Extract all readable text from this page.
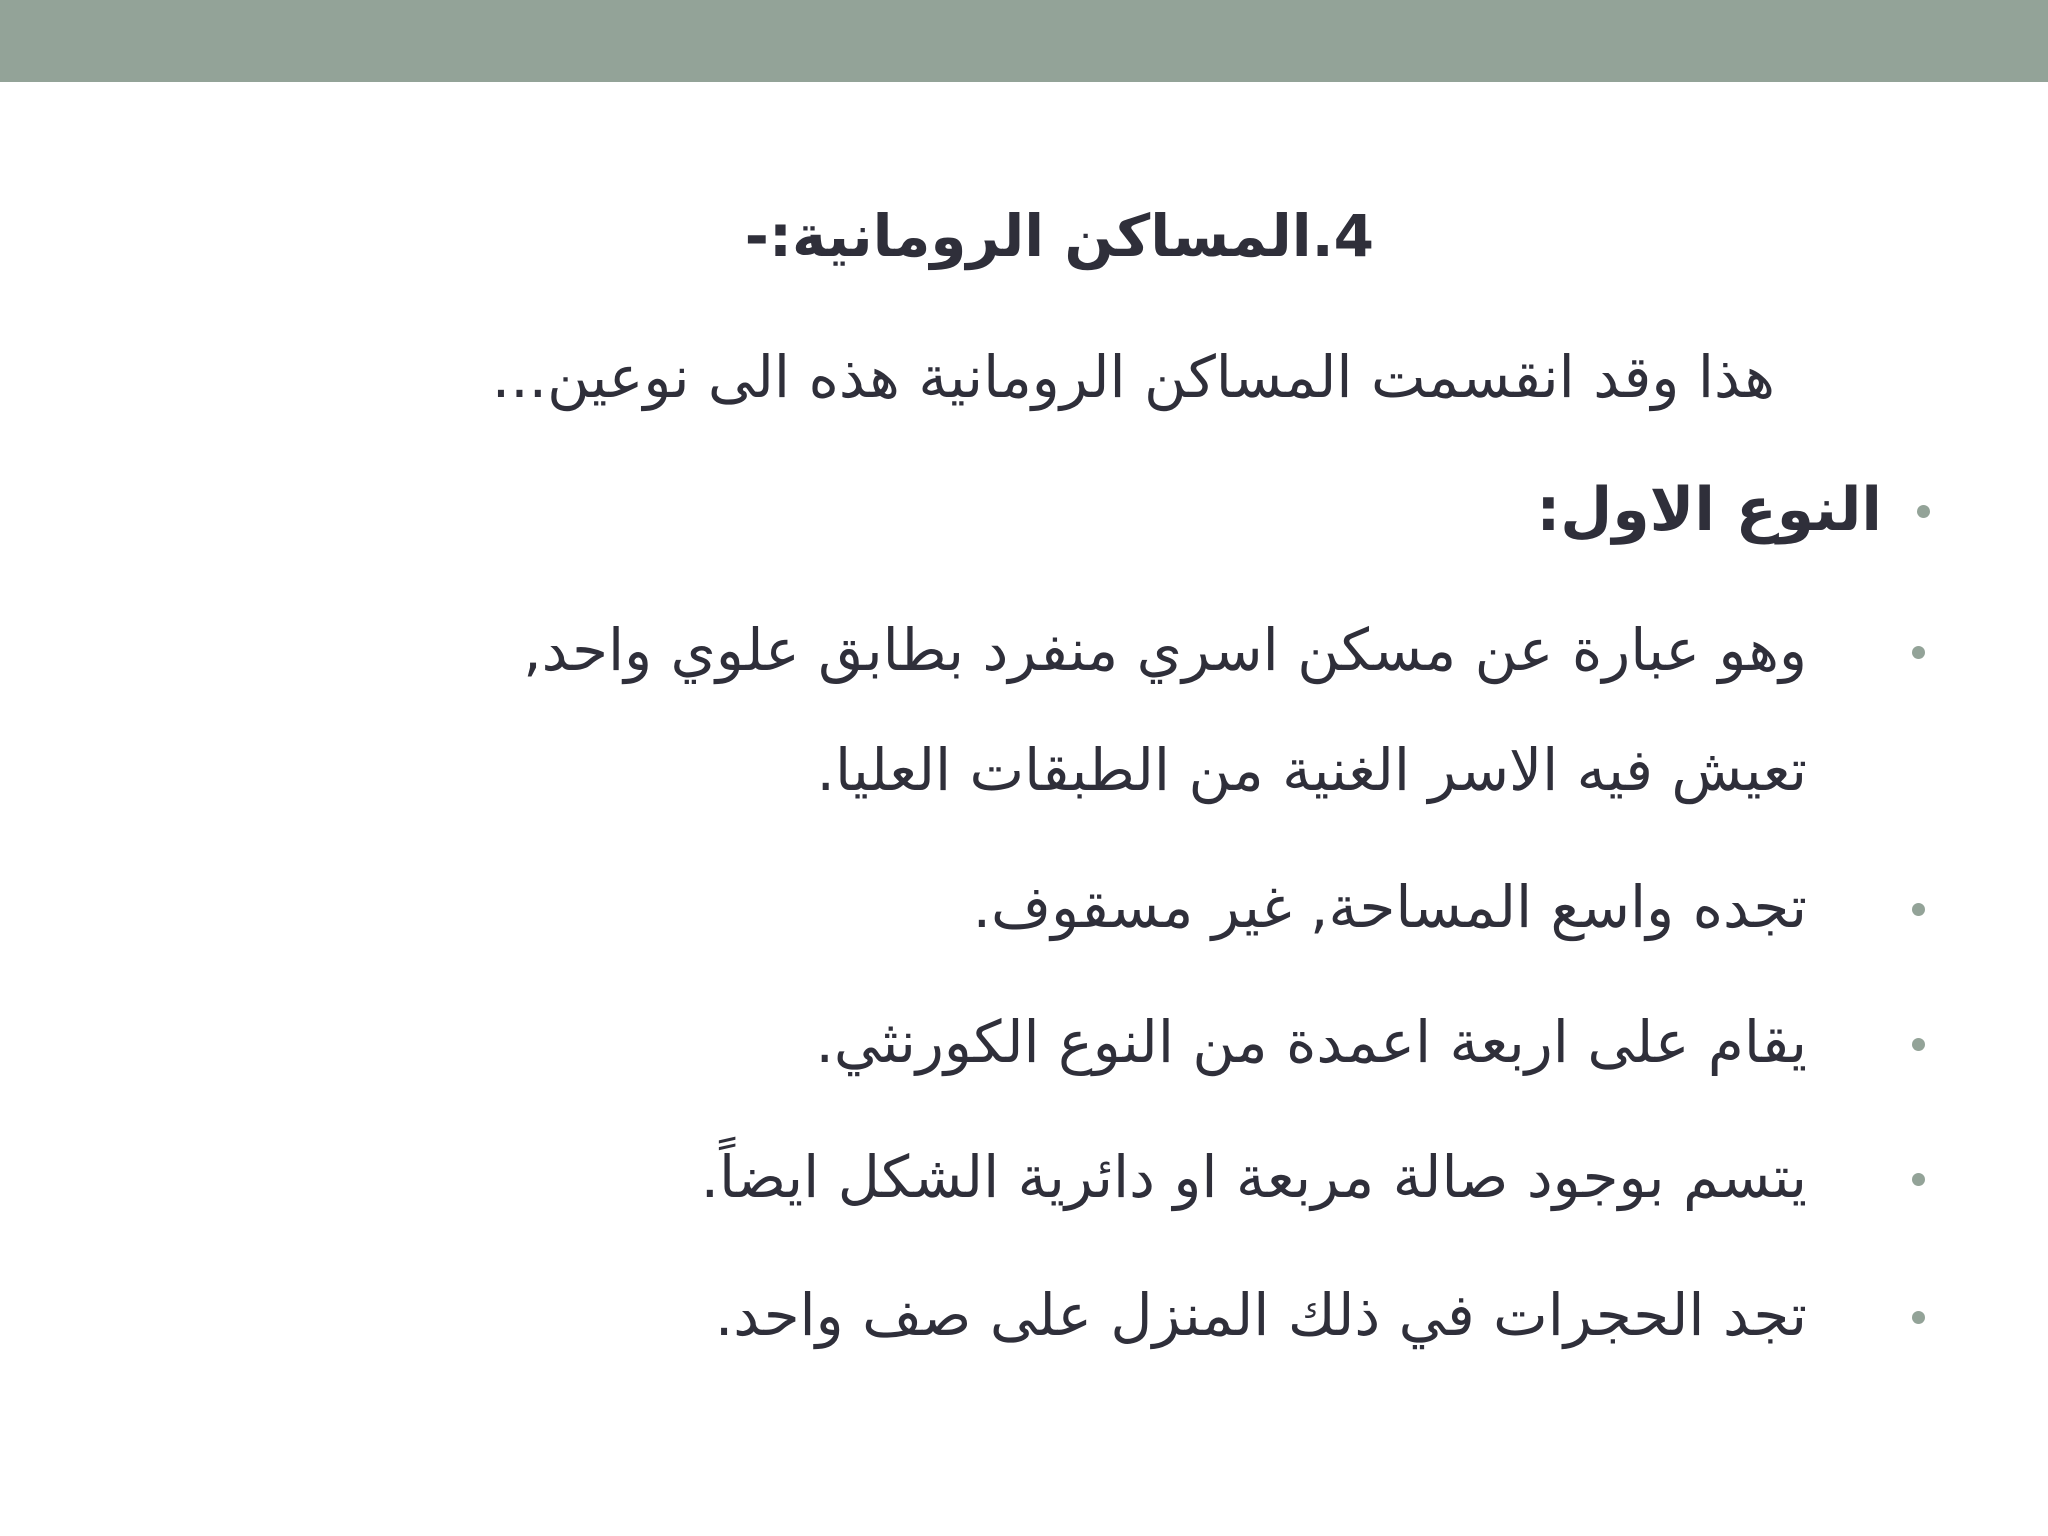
4.المساكن الرومانية:-
هذا وقد انقسمت المساكن الرومانية هذه الى نوعين...
النوع الاول:
وهو عبارة عن مسكن اسري منفرد بطابق علوي واحد,
تعيش فيه الاسر الغنية من الطبقات العليا.
تجده واسع المساحة, غير مسقوف.
يقام على اربعة اعمدة من النوع الكورنثي.
يتسم بوجود صالة مربعة او دائرية الشكل ايضاً.
تجد الحجرات في ذلك المنزل على صف واحد.
